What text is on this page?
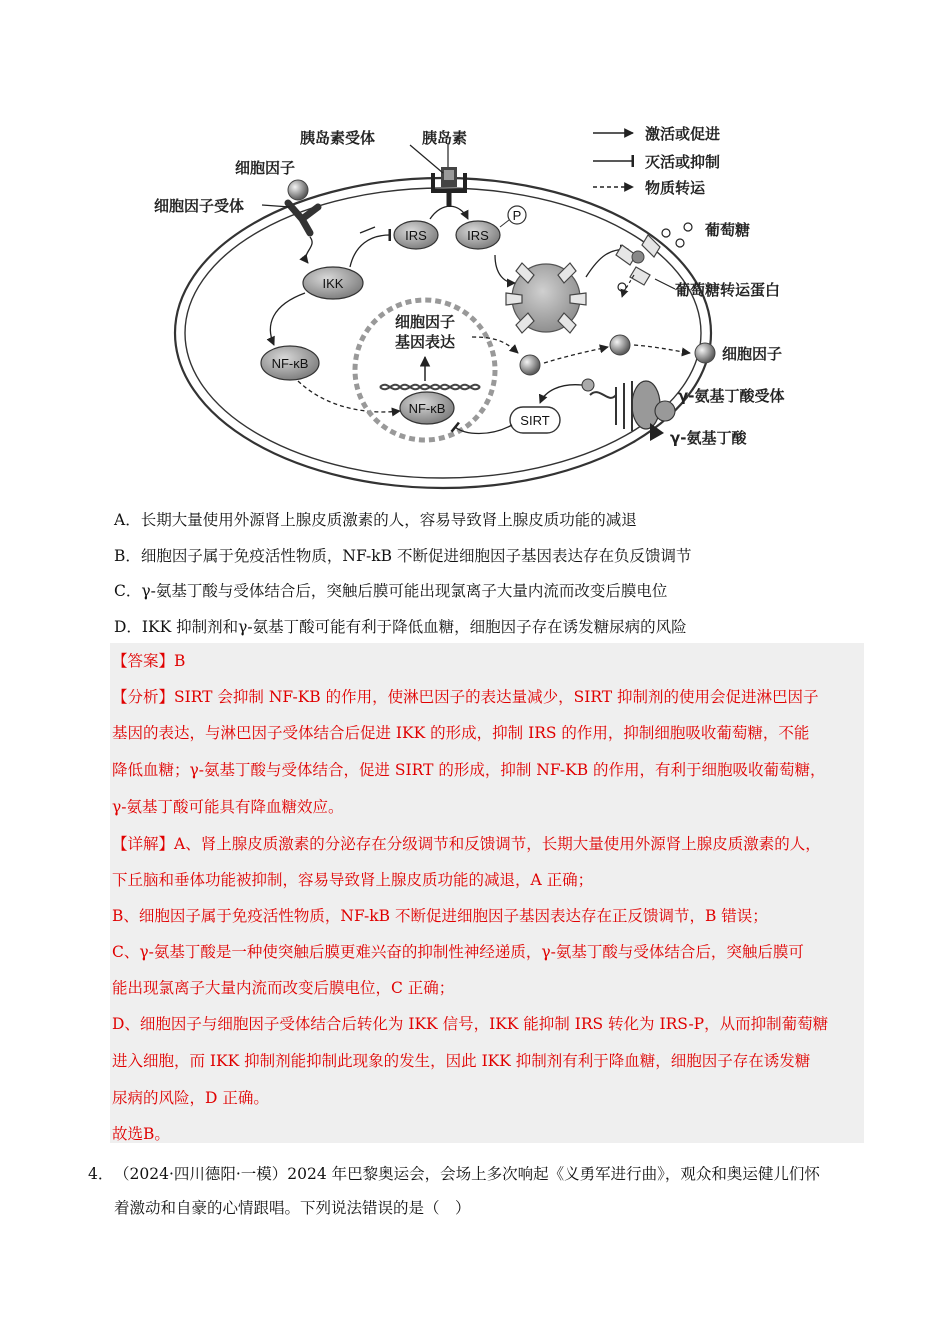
激活或促进
灭活或抑制
物质转运
胰岛素受体	胰岛素
细胞因子
细胞因子受体
IRS	IRS
P
IKK
NF-κB
细胞因子
基因表达
NF-κB
细胞因子
葡萄糖
葡萄糖转运蛋白
γ-氨基丁酸受体
γ-氨基丁酸
SIRT
A．长期大量使用外源肾上腺皮质激素的人，容易导致肾上腺皮质功能的减退
B．细胞因子属于免疫活性物质，NF-kB 不断促进细胞因子基因表达存在负反馈调节
C．γ-氨基丁酸与受体结合后，突触后膜可能出现氯离子大量内流而改变后膜电位
D．IKK 抑制剂和γ-氨基丁酸可能有利于降低血糖，细胞因子存在诱发糖尿病的风险
【答案】B
【分析】SIRT 会抑制 NF-KB 的作用，使淋巴因子的表达量减少，SIRT 抑制剂的使用会促进淋巴因子
基因的表达，与淋巴因子受体结合后促进 IKK 的形成，抑制 IRS 的作用，抑制细胞吸收葡萄糖，不能
降低血糖；γ-氨基丁酸与受体结合，促进 SIRT 的形成，抑制 NF-KB 的作用，有利于细胞吸收葡萄糖，
γ-氨基丁酸可能具有降血糖效应。
【详解】A、肾上腺皮质激素的分泌存在分级调节和反馈调节，长期大量使用外源肾上腺皮质激素的人，
下丘脑和垂体功能被抑制，容易导致肾上腺皮质功能的减退，A 正确；
B、细胞因子属于免疫活性物质，NF-kB 不断促进细胞因子基因表达存在正反馈调节，B 错误；
C、γ-氨基丁酸是一种使突触后膜更难兴奋的抑制性神经递质，γ-氨基丁酸与受体结合后，突触后膜可
能出现氯离子大量内流而改变后膜电位，C 正确；
D、细胞因子与细胞因子受体结合后转化为 IKK 信号，IKK 能抑制 IRS 转化为 IRS-P，从而抑制葡萄糖
进入细胞，而 IKK 抑制剂能抑制此现象的发生，因此 IKK 抑制剂有利于降血糖，细胞因子存在诱发糖
尿病的风险，D 正确。
故选B。
4． （2024·四川德阳·一模）2024 年巴黎奥运会，会场上多次响起《义勇军进行曲》，观众和奥运健儿们怀
着激动和自豪的心情跟唱。下列说法错误的是（　）
